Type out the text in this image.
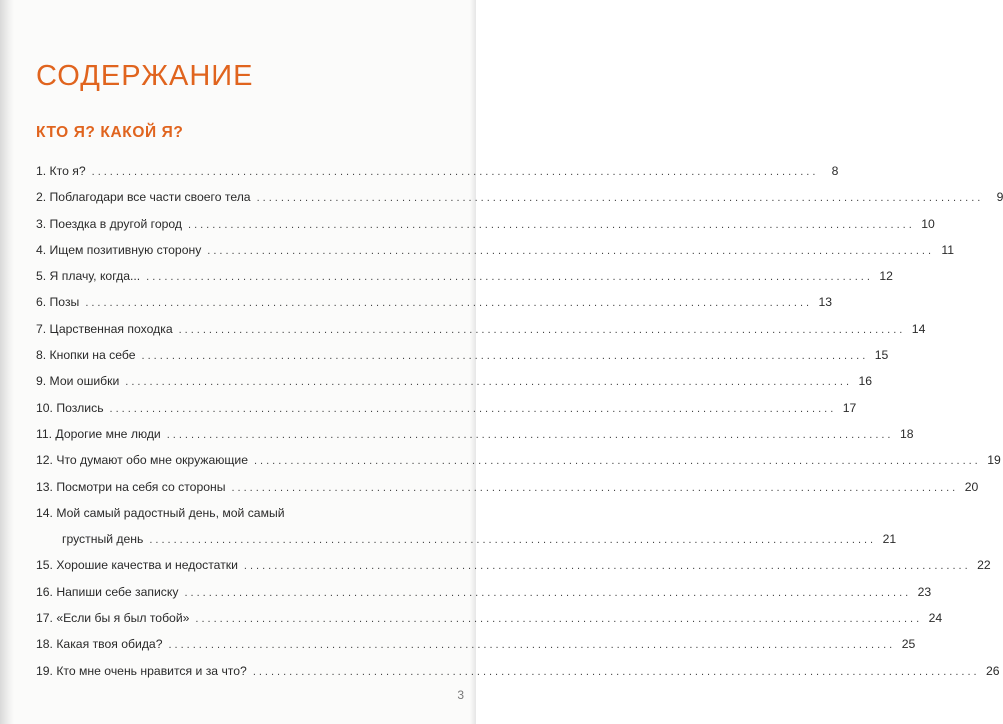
СОДЕРЖАНИЕ
КТО Я? КАКОЙ Я?
1. Кто я? ........................................................................................................................	8
2. Поблагодари все части своего тела ........................................................................................................................	9
3. Поездка в другой город ........................................................................................................................ 10
4. Ищем позитивную сторону ........................................................................................................................ 11
5. Я плачу, когда... ........................................................................................................................ 12
6. Позы ........................................................................................................................ 13
7. Царственная походка ........................................................................................................................ 14
8. Кнопки на себе ........................................................................................................................ 15
9. Мои ошибки ........................................................................................................................ 16
10. Позлись ........................................................................................................................ 17
11. Дорогие мне люди ........................................................................................................................ 18
12. Что думают обо мне окружающие ........................................................................................................................ 19
13. Посмотри на себя со стороны ........................................................................................................................ 20
14. Мой самый радостный день, мой самый
грустный день ........................................................................................................................ 21
15. Хорошие качества и недостатки ........................................................................................................................ 22
16. Напиши себе записку ........................................................................................................................ 23
17. «Если бы я был тобой» ........................................................................................................................ 24
18. Какая твоя обида? ........................................................................................................................ 25
19. Кто мне очень нравится и за что? ........................................................................................................................ 26
3
